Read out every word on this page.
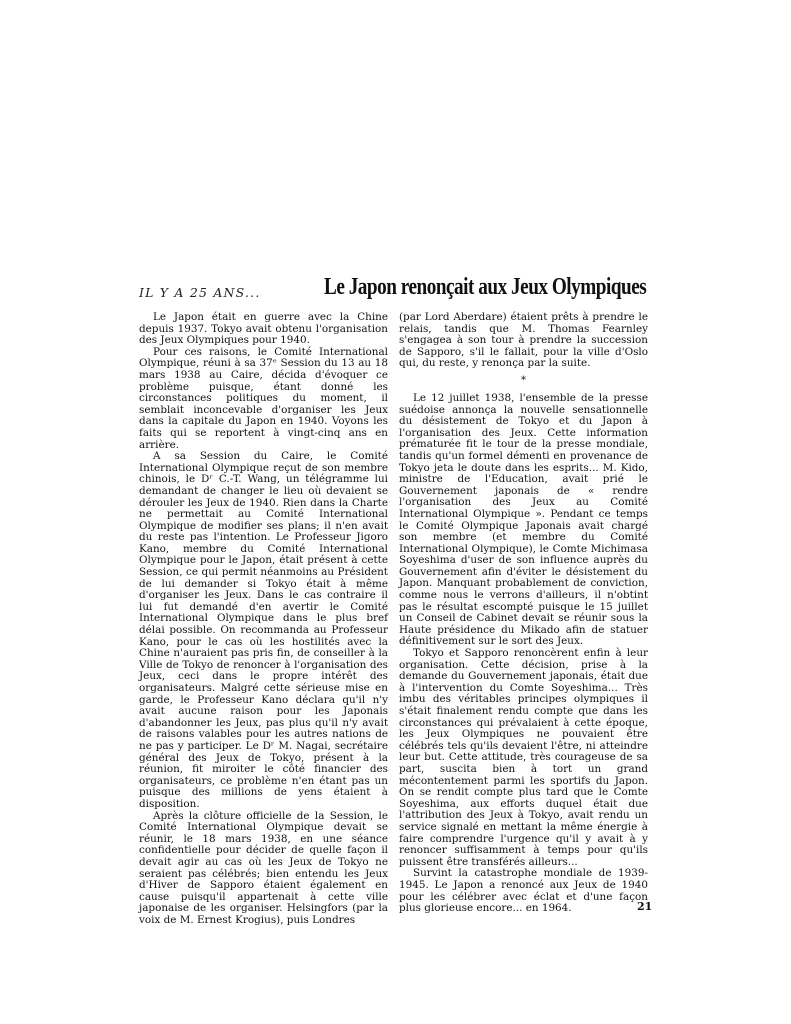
IL Y A 25 ANS...	Le Japon renonçait aux Jeux Olympiques

Le Japon était en guerre avec la Chine depuis 1937. Tokyo avait obtenu l'organisation des Jeux Olympiques pour 1940.

Pour ces raisons, le Comité International Olympique, réuni à sa 37ᵉ Session du 13 au 18 mars 1938 au Caire, décida d'évoquer ce problème puisque, étant donné les circonstances politiques du moment, il semblait inconcevable d'organiser les Jeux dans la capitale du Japon en 1940. Voyons les faits qui se reportent à vingt-cinq ans en arrière.

A sa Session du Caire, le Comité International Olympique reçut de son membre chinois, le Dʳ C.-T. Wang, un télégramme lui demandant de changer le lieu où devaient se dérouler les Jeux de 1940. Rien dans la Charte ne permettait au Comité International Olympique de modifier ses plans; il n'en avait du reste pas l'intention. Le Professeur Jigoro Kano, membre du Comité International Olympique pour le Japon, était présent à cette Session, ce qui permit néanmoins au Président de lui demander si Tokyo était à même d'organiser les Jeux. Dans le cas contraire il lui fut demandé d'en avertir le Comité International Olympique dans le plus bref délai possible. On recommanda au Professeur Kano, pour le cas où les hostilités avec la Chine n'auraient pas pris fin, de conseiller à la Ville de Tokyo de renoncer à l'organisation des Jeux, ceci dans le propre intérêt des organisateurs. Malgré cette sérieuse mise en garde, le Professeur Kano déclara qu'il n'y avait aucune raison pour les Japonais d'abandonner les Jeux, pas plus qu'il n'y avait de raisons valables pour les autres nations de ne pas y participer. Le Dʳ M. Nagai, secrétaire général des Jeux de Tokyo, présent à la réunion, fit miroiter le côté financier des organisateurs, ce problème n'en étant pas un puisque des millions de yens étaient à disposition.

Après la clôture officielle de la Session, le Comité International Olympique devait se réunir, le 18 mars 1938, en une séance confidentielle pour décider de quelle façon il devait agir au cas où les Jeux de Tokyo ne seraient pas célébrés; bien entendu les Jeux d'Hiver de Sapporo étaient également en cause puisqu'il appartenait à cette ville japonaise de les organiser. Helsingfors (par la voix de M. Ernest Krogius), puis Londres

(par Lord Aberdare) étaient prêts à prendre le relais, tandis que M. Thomas Fearnley s'engagea à son tour à prendre la succession de Sapporo, s'il le fallait, pour la ville d'Oslo qui, du reste, y renonça par la suite.

*

Le 12 juillet 1938, l'ensemble de la presse suédoise annonça la nouvelle sensationnelle du désistement de Tokyo et du Japon à l'organisation des Jeux. Cette information prématurée fit le tour de la presse mondiale, tandis qu'un formel démenti en provenance de Tokyo jeta le doute dans les esprits... M. Kido, ministre de l'Education, avait prié le Gouvernement japonais de « rendre l'organisation des Jeux au Comité International Olympique ». Pendant ce temps le Comité Olympique Japonais avait chargé son membre (et membre du Comité International Olympique), le Comte Michimasa Soyeshima d'user de son influence auprès du Gouvernement afin d'éviter le désistement du Japon. Manquant probablement de conviction, comme nous le verrons d'ailleurs, il n'obtint pas le résultat escompté puisque le 15 juillet un Conseil de Cabinet devait se réunir sous la Haute présidence du Mikado afin de statuer définitivement sur le sort des Jeux.

Tokyo et Sapporo renoncèrent enfin à leur organisation. Cette décision, prise à la demande du Gouvernement japonais, était due à l'intervention du Comte Soyeshima... Très imbu des véritables principes olympiques il s'était finalement rendu compte que dans les circonstances qui prévalaient à cette époque, les Jeux Olympiques ne pouvaient être célébrés tels qu'ils devaient l'être, ni atteindre leur but. Cette attitude, très courageuse de sa part, suscita bien à tort un grand mécontentement parmi les sportifs du Japon. On se rendit compte plus tard que le Comte Soyeshima, aux efforts duquel était due l'attribution des Jeux à Tokyo, avait rendu un service signalé en mettant la même énergie à faire comprendre l'urgence qu'il y avait à y renoncer suffisamment à temps pour qu'ils puissent être transférés ailleurs...

Survint la catastrophe mondiale de 1939-1945. Le Japon a renoncé aux Jeux de 1940 pour les célébrer avec éclat et d'une façon plus glorieuse encore... en 1964.	21
